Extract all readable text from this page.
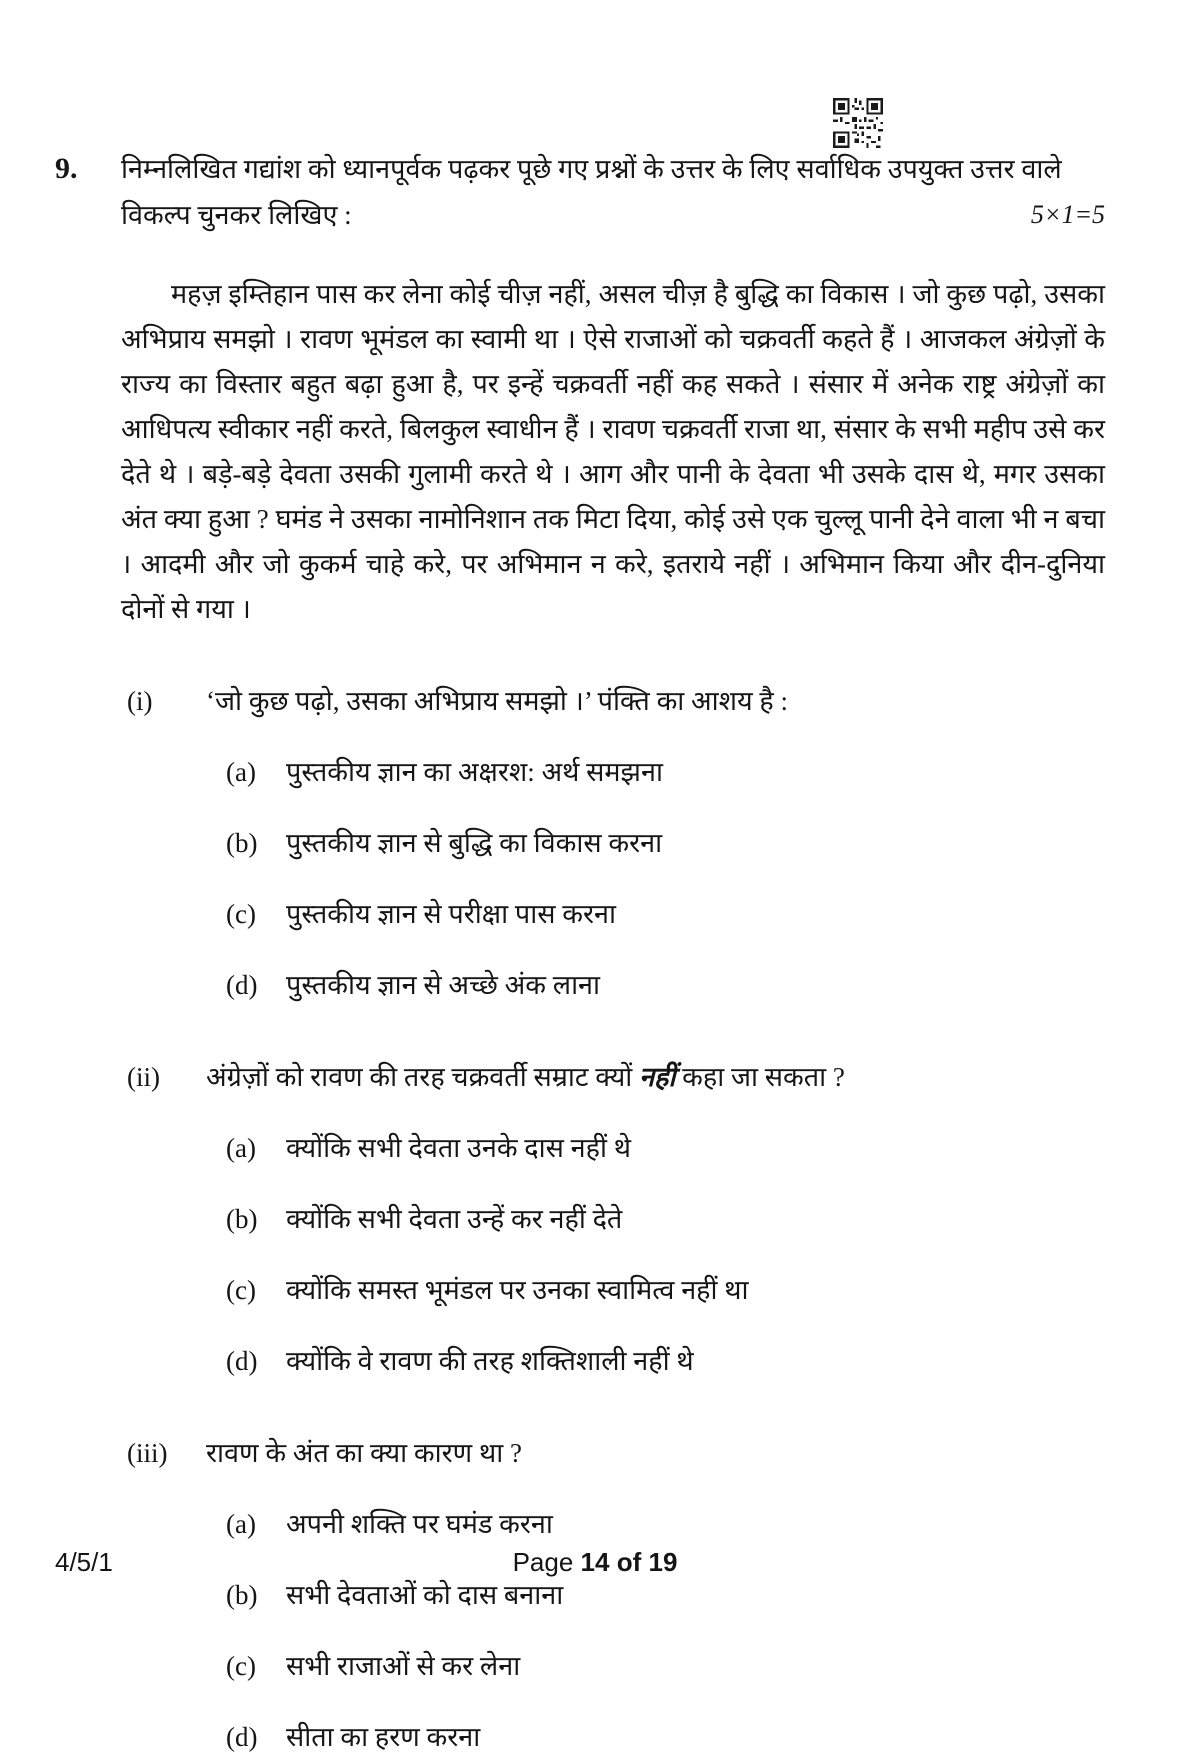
9.	निम्नलिखित गद्यांश को ध्यानपूर्वक पढ़कर पूछे गए प्रश्नों के उत्तर के लिए सर्वाधिक उपयुक्त उत्तर वाले विकल्प चुनकर लिखिए :	5×1=5
महज़ इम्तिहान पास कर लेना कोई चीज़ नहीं, असल चीज़ है बुद्धि का विकास । जो कुछ पढ़ो, उसका अभिप्राय समझो । रावण भूमंडल का स्वामी था । ऐसे राजाओं को चक्रवर्ती कहते हैं । आजकल अंग्रेज़ों के राज्य का विस्तार बहुत बढ़ा हुआ है, पर इन्हें चक्रवर्ती नहीं कह सकते । संसार में अनेक राष्ट्र अंग्रेज़ों का आधिपत्य स्वीकार नहीं करते, बिलकुल स्वाधीन हैं । रावण चक्रवर्ती राजा था, संसार के सभी महीप उसे कर देते थे । बड़े-बड़े देवता उसकी गुलामी करते थे । आग और पानी के देवता भी उसके दास थे, मगर उसका अंत क्या हुआ ? घमंड ने उसका नामोनिशान तक मिटा दिया, कोई उसे एक चुल्लू पानी देने वाला भी न बचा । आदमी और जो कुकर्म चाहे करे, पर अभिमान न करे, इतराये नहीं । अभिमान किया और दीन-दुनिया दोनों से गया ।
(i)	‘जो कुछ पढ़ो, उसका अभिप्राय समझो ।’ पंक्ति का आशय है :
(a)	पुस्तकीय ज्ञान का अक्षरश: अर्थ समझना
(b)	पुस्तकीय ज्ञान से बुद्धि का विकास करना
(c)	पुस्तकीय ज्ञान से परीक्षा पास करना
(d)	पुस्तकीय ज्ञान से अच्छे अंक लाना
(ii)	अंग्रेज़ों को रावण की तरह चक्रवर्ती सम्राट क्यों नहीं कहा जा सकता ?
(a)	क्योंकि सभी देवता उनके दास नहीं थे
(b)	क्योंकि सभी देवता उन्हें कर नहीं देते
(c)	क्योंकि समस्त भूमंडल पर उनका स्वामित्व नहीं था
(d)	क्योंकि वे रावण की तरह शक्तिशाली नहीं थे
(iii)	रावण के अंत का क्या कारण था ?
(a)	अपनी शक्ति पर घमंड करना
(b)	सभी देवताओं को दास बनाना
(c)	सभी राजाओं से कर लेना
(d)	सीता का हरण करना
4/5/1	Page 14 of 19
